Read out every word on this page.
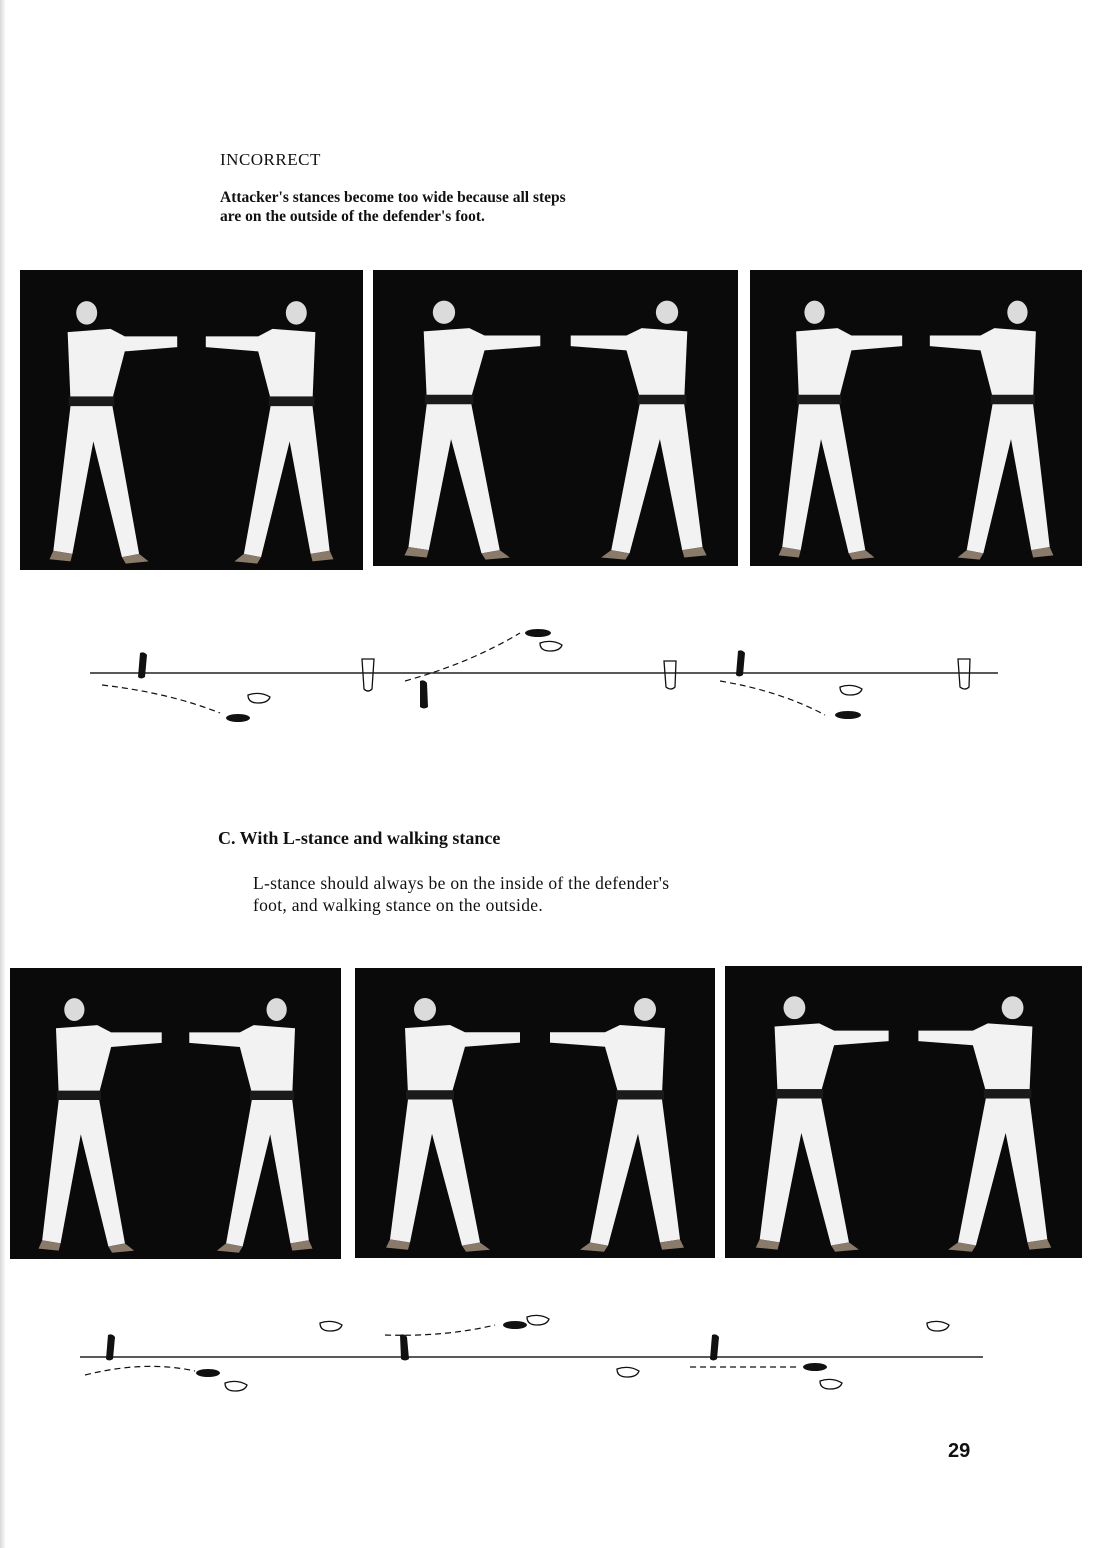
INCORRECT
Attacker's stances become too wide because all steps
are on the outside of the defender's foot.
C. With L-stance and walking stance
L-stance should always be on the inside of the defender's
foot, and walking stance on the outside.
29
